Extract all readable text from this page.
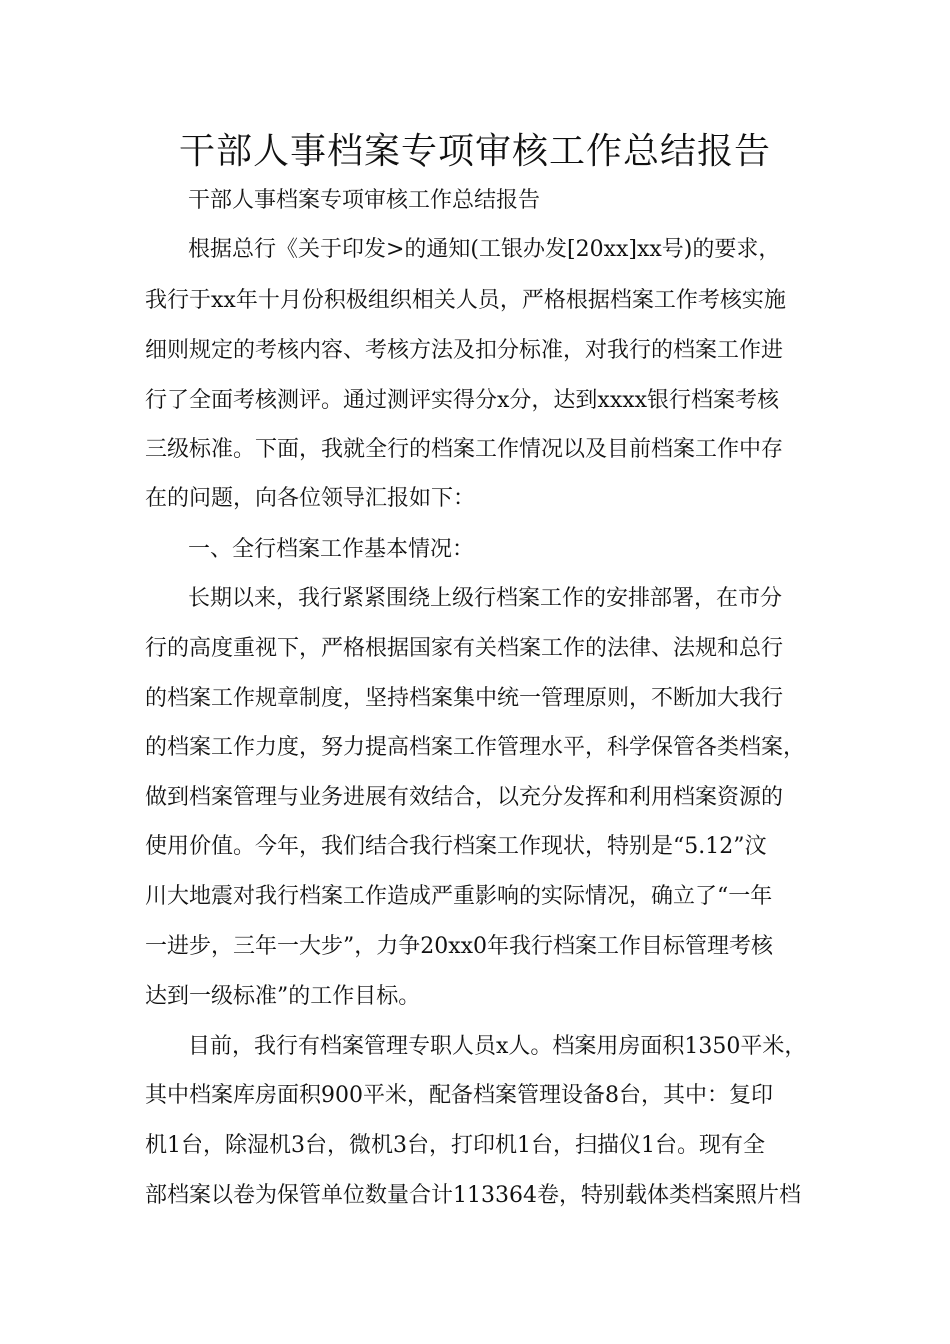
干部人事档案专项审核工作总结报告
干部人事档案专项审核工作总结报告
根据总行《关于印发>的通知(工银办发[20xx]xx号)的要求，
我行于xx年十月份积极组织相关人员，严格根据档案工作考核实施
细则规定的考核内容、考核方法及扣分标准，对我行的档案工作进
行了全面考核测评。通过测评实得分x分，达到xxxx银行档案考核
三级标准。下面，我就全行的档案工作情况以及目前档案工作中存
在的问题，向各位领导汇报如下：
一、全行档案工作基本情况：
长期以来，我行紧紧围绕上级行档案工作的安排部署，在市分
行的高度重视下，严格根据国家有关档案工作的法律、法规和总行
的档案工作规章制度，坚持档案集中统一管理原则，不断加大我行
的档案工作力度，努力提高档案工作管理水平，科学保管各类档案，
做到档案管理与业务进展有效结合，以充分发挥和利用档案资源的
使用价值。今年，我们结合我行档案工作现状，特别是“5.12”汶
川大地震对我行档案工作造成严重影响的实际情况，确立了“一年
一进步，三年一大步”，力争20xx0年我行档案工作目标管理考核
达到一级标准”的工作目标。
目前，我行有档案管理专职人员x人。档案用房面积1350平米，
其中档案库房面积900平米，配备档案管理设备8台，其中：复印
机1台，除湿机3台，微机3台，打印机1台，扫描仪1台。现有全
部档案以卷为保管单位数量合计113364卷，特别载体类档案照片档
